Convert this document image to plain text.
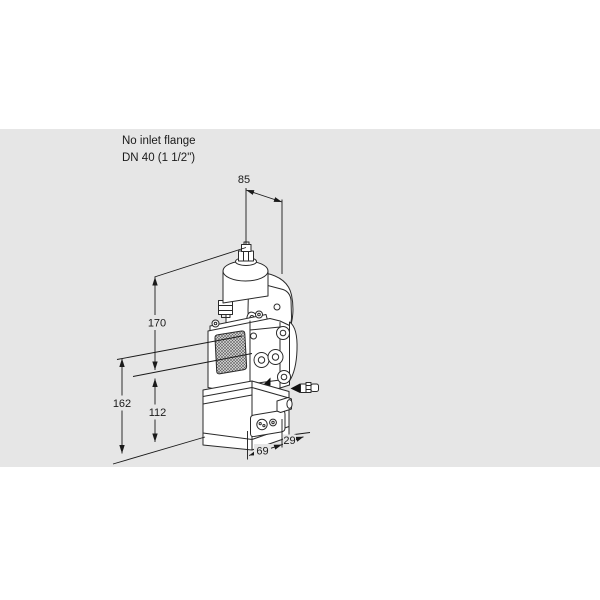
No inlet flange
DN 40 (1 1/2")
85
170
162
112
69
29
